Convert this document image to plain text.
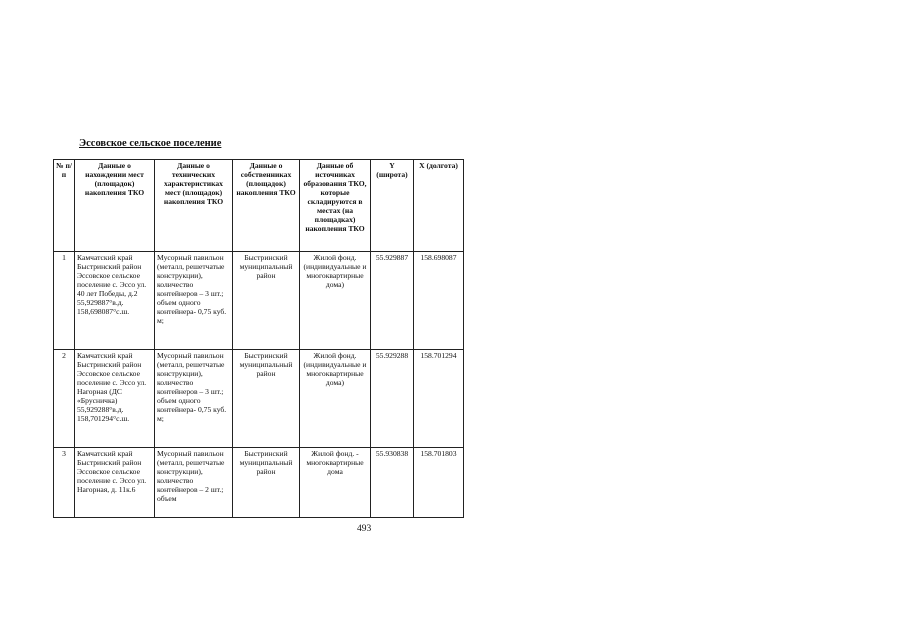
Эссовское сельское поселение
№ п/п	Данные о нахождении мест (площадок) накопления ТКО	Данные о технических характеристиках мест (площадок) накопления ТКО	Данные о собственниках (площадок) накопления ТКО	Данные об источниках образования ТКО, которые складируются в местах (на площадках) накопления ТКО	Y (широта)	X (долгота)
1	Камчатский край Быстринский район Эссовское сельское поселение с. Эссо ул. 40 лет Победы, д.2 55,929887°в.д. 158,698087°с.ш.	Мусорный павильон (металл, решетчатые конструкции), количество контейнеров – 3 шт.; объем одного контейнера- 0,75 куб. м;	Быстринский муниципальный район	Жилой фонд. (индивидуальные и многоквартирные дома)	55.929887	158.698087
2	Камчатский край Быстринский район Эссовское сельское поселение с. Эссо ул. Нагорная (ДС «Брусничка) 55,929288°в.д. 158,701294°с.ш.	Мусорный павильон (металл, решетчатые конструкции), количество контейнеров – 3 шт.; объем одного контейнера- 0,75 куб. м;	Быстринский муниципальный район	Жилой фонд. (индивидуальные и многоквартирные дома)	55.929288	158.701294
3	Камчатский край Быстринский район Эссовское сельское поселение с. Эссо ул. Нагорная, д. 11к.6	Мусорный павильон (металл, решетчатые конструкции), количество контейнеров – 2 шт.; объем	Быстринский муниципальный район	Жилой фонд. - многоквартирные дома	55.930838	158.701803
493
